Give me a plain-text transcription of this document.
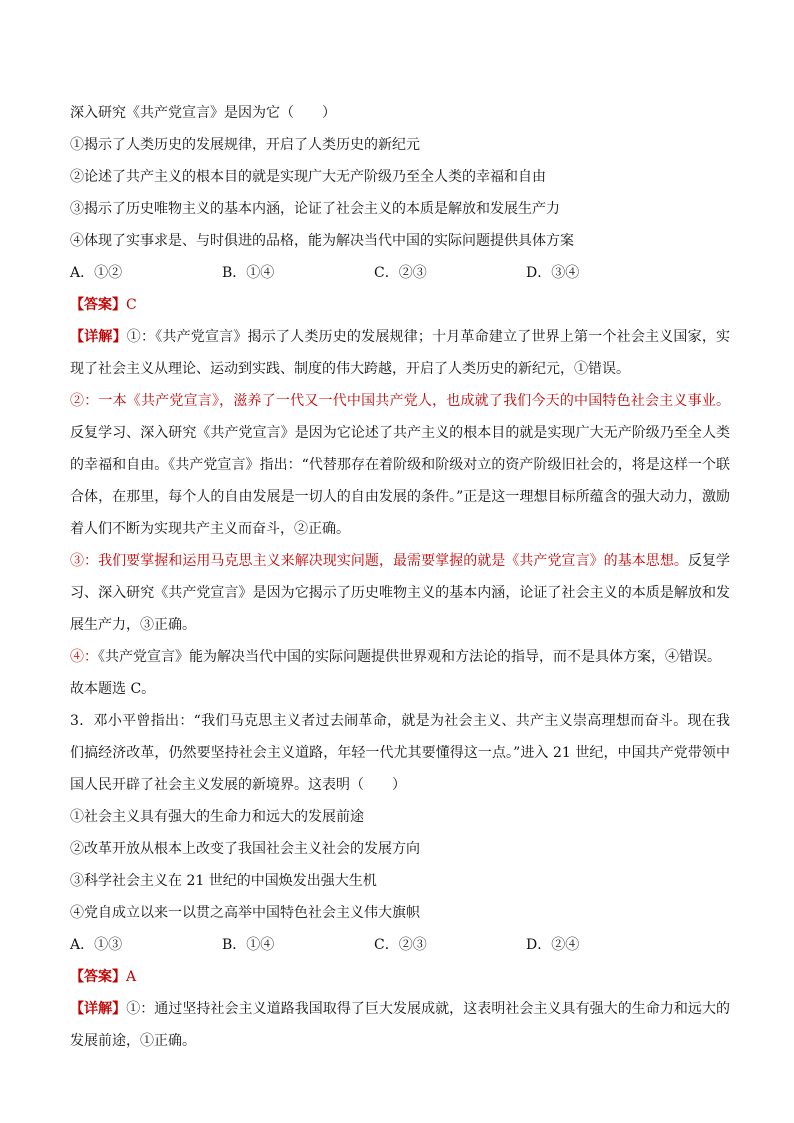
深入研究《共产党宣言》是因为它（　　）
①揭示了人类历史的发展规律，开启了人类历史的新纪元
②论述了共产主义的根本目的就是实现广大无产阶级乃至全人类的幸福和自由
③揭示了历史唯物主义的基本内涵，论证了社会主义的本质是解放和发展生产力
④体现了实事求是、与时俱进的品格，能为解决当代中国的实际问题提供具体方案
A．①②	B．①④	C．②③	D．③④
【答案】C
【详解】①：《共产党宣言》揭示了人类历史的发展规律；十月革命建立了世界上第一个社会主义国家，实现了社会主义从理论、运动到实践、制度的伟大跨越，开启了人类历史的新纪元，①错误。
②：一本《共产党宣言》，滋养了一代又一代中国共产党人，也成就了我们今天的中国特色社会主义事业。反复学习、深入研究《共产党宣言》是因为它论述了共产主义的根本目的就是实现广大无产阶级乃至全人类的幸福和自由。《共产党宣言》指出：“代替那存在着阶级和阶级对立的资产阶级旧社会的，将是这样一个联合体，在那里，每个人的自由发展是一切人的自由发展的条件。”正是这一理想目标所蕴含的强大动力，激励着人们不断为实现共产主义而奋斗，②正确。
③：我们要掌握和运用马克思主义来解决现实问题，最需要掌握的就是《共产党宣言》的基本思想。反复学习、深入研究《共产党宣言》是因为它揭示了历史唯物主义的基本内涵，论证了社会主义的本质是解放和发展生产力，③正确。
④：《共产党宣言》能为解决当代中国的实际问题提供世界观和方法论的指导，而不是具体方案，④错误。
故本题选 C。
3．邓小平曾指出：“我们马克思主义者过去闹革命，就是为社会主义、共产主义崇高理想而奋斗。现在我们搞经济改革，仍然要坚持社会主义道路，年轻一代尤其要懂得这一点。”进入 21 世纪，中国共产党带领中国人民开辟了社会主义发展的新境界。这表明（　　）
①社会主义具有强大的生命力和远大的发展前途
②改革开放从根本上改变了我国社会主义社会的发展方向
③科学社会主义在 21 世纪的中国焕发出强大生机
④党自成立以来一以贯之高举中国特色社会主义伟大旗帜
A．①③	B．①④	C．②③	D．②④
【答案】A
【详解】①：通过坚持社会主义道路我国取得了巨大发展成就，这表明社会主义具有强大的生命力和远大的发展前途，①正确。
